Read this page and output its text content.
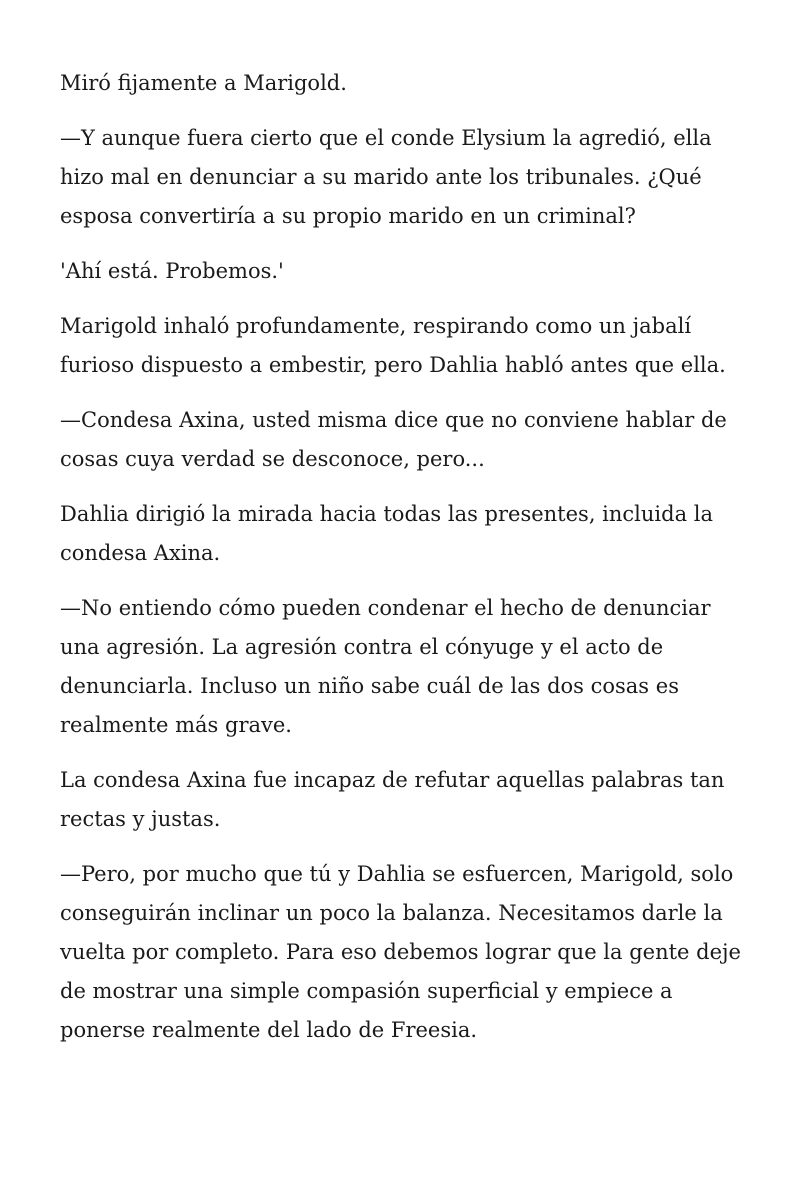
Miró fijamente a Marigold.

—Y aunque fuera cierto que el conde Elysium la agredió, ella hizo mal en denunciar a su marido ante los tribunales. ¿Qué esposa convertiría a su propio marido en un criminal?

'Ahí está. Probemos.'

Marigold inhaló profundamente, respirando como un jabalí furioso dispuesto a embestir, pero Dahlia habló antes que ella.

—Condesa Axina, usted misma dice que no conviene hablar de cosas cuya verdad se desconoce, pero...

Dahlia dirigió la mirada hacia todas las presentes, incluida la condesa Axina.

—No entiendo cómo pueden condenar el hecho de denunciar una agresión. La agresión contra el cónyuge y el acto de denunciarla. Incluso un niño sabe cuál de las dos cosas es realmente más grave.

La condesa Axina fue incapaz de refutar aquellas palabras tan rectas y justas.

—Pero, por mucho que tú y Dahlia se esfuercen, Marigold, solo conseguirán inclinar un poco la balanza. Necesitamos darle la vuelta por completo. Para eso debemos lograr que la gente deje de mostrar una simple compasión superficial y empiece a ponerse realmente del lado de Freesia.
